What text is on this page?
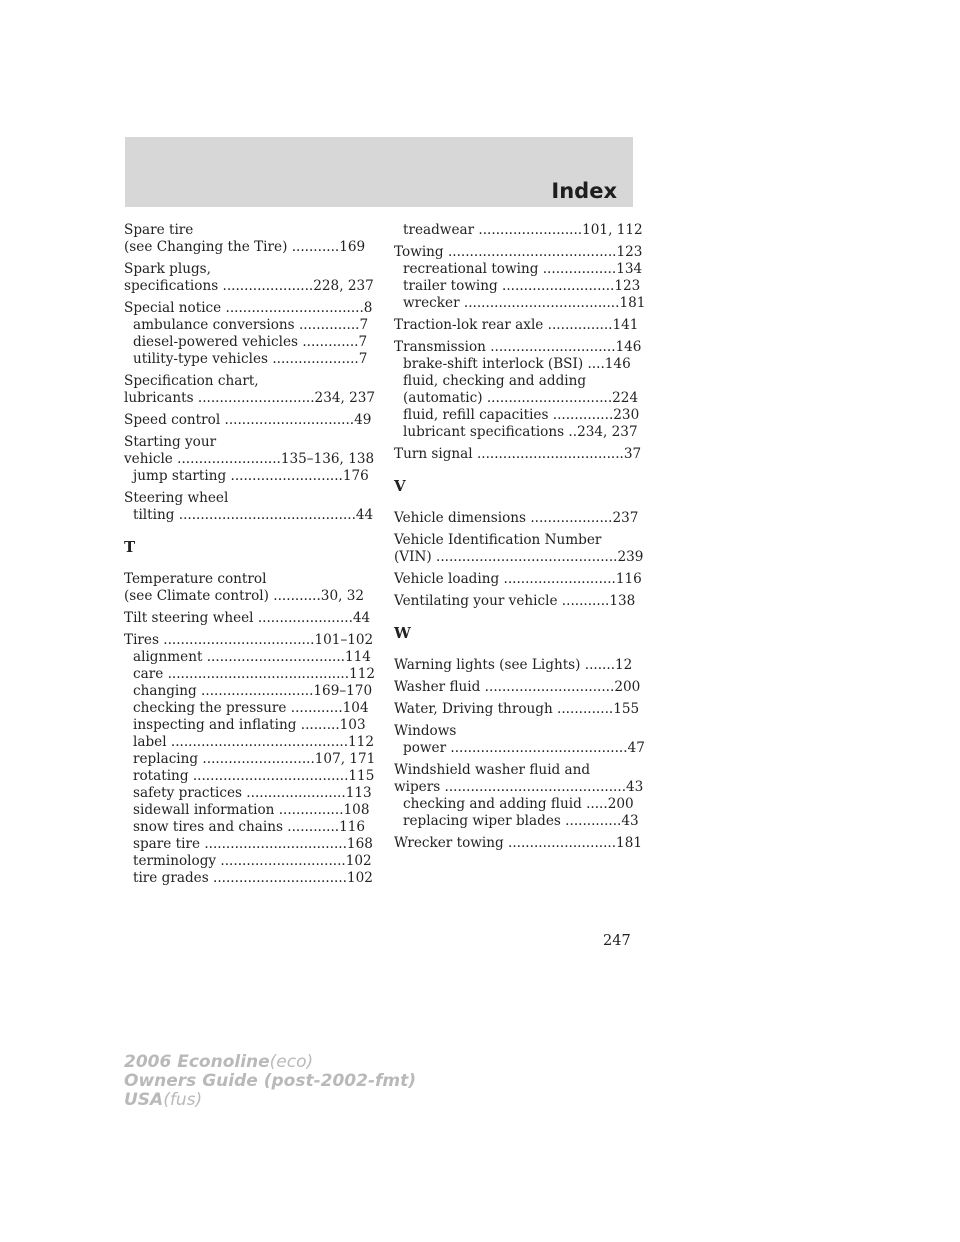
Index
Spare tire
(see Changing the Tire) ...........169
Spark plugs,
specifications .....................228, 237
Special notice ................................8
ambulance conversions ..............7
diesel-powered vehicles .............7
utility-type vehicles ....................7
Specification chart,
lubricants ...........................234, 237
Speed control ..............................49
Starting your
vehicle ........................135–136, 138
jump starting ..........................176
Steering wheel
tilting .........................................44
T
Temperature control
(see Climate control) ...........30, 32
Tilt steering wheel ......................44
Tires ...................................101–102
alignment ................................114
care ..........................................112
changing ..........................169–170
checking the pressure ............104
inspecting and inflating .........103
label .........................................112
replacing ..........................107, 171
rotating ....................................115
safety practices .......................113
sidewall information ...............108
snow tires and chains ............116
spare tire .................................168
terminology .............................102
tire grades ...............................102
treadwear ........................101, 112
Towing .......................................123
recreational towing .................134
trailer towing ..........................123
wrecker ....................................181
Traction-lok rear axle ...............141
Transmission .............................146
brake-shift interlock (BSI) ....146
fluid, checking and adding
(automatic) .............................224
fluid, refill capacities ..............230
lubricant specifications ..234, 237
Turn signal ..................................37
V
Vehicle dimensions ...................237
Vehicle Identification Number
(VIN) ..........................................239
Vehicle loading ..........................116
Ventilating your vehicle ...........138
W
Warning lights (see Lights) .......12
Washer fluid ..............................200
Water, Driving through .............155
Windows
power .........................................47
Windshield washer fluid and
wipers ..........................................43
checking and adding fluid .....200
replacing wiper blades .............43
Wrecker towing .........................181
247
2006 Econoline(eco)
Owners Guide (post-2002-fmt)
USA(fus)
